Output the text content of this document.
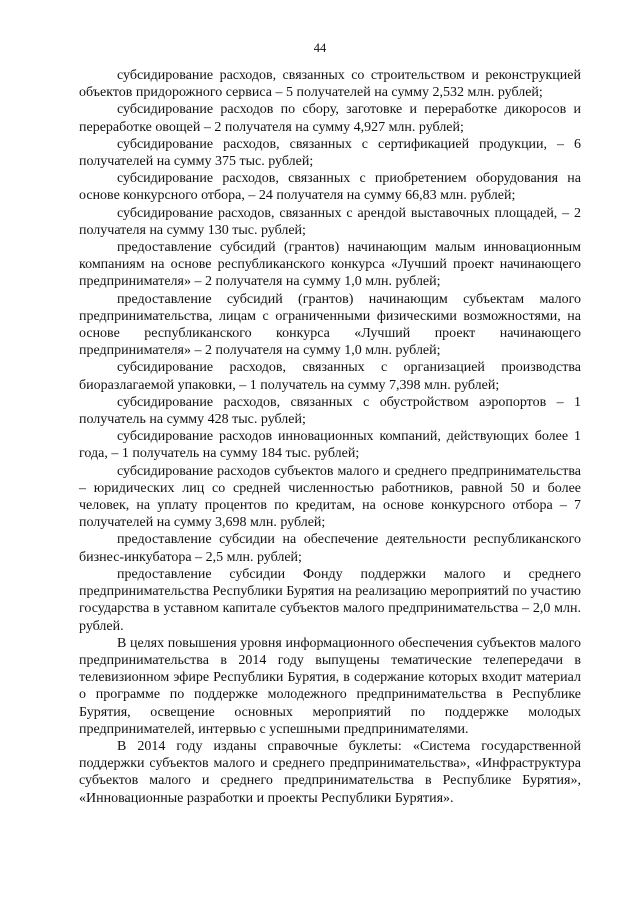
44

субсидирование расходов, связанных со строительством и реконструкцией объектов придорожного сервиса – 5 получателей на сумму 2,532 млн. рублей;

субсидирование расходов по сбору, заготовке и переработке дикоросов и переработке овощей – 2 получателя на сумму 4,927 млн. рублей;

субсидирование расходов, связанных с сертификацией продукции, – 6 получателей на сумму 375 тыс. рублей;

субсидирование расходов, связанных с приобретением оборудования на основе конкурсного отбора, – 24 получателя на сумму 66,83 млн. рублей;

субсидирование расходов, связанных с арендой выставочных площадей, – 2 получателя на сумму 130 тыс. рублей;

предоставление субсидий (грантов) начинающим малым инновационным компаниям на основе республиканского конкурса «Лучший проект начинающего предпринимателя» – 2 получателя на сумму 1,0 млн. рублей;

предоставление субсидий (грантов) начинающим субъектам малого предпринимательства, лицам с ограниченными физическими возможностями, на основе республиканского конкурса «Лучший проект начинающего предпринимателя» – 2 получателя на сумму 1,0 млн. рублей;

субсидирование расходов, связанных с организацией производства биоразлагаемой упаковки, – 1 получатель на сумму 7,398 млн. рублей;

субсидирование расходов, связанных с обустройством аэропортов – 1 получатель на сумму 428 тыс. рублей;

субсидирование расходов инновационных компаний, действующих более 1 года, – 1 получатель на сумму 184 тыс. рублей;

субсидирование расходов субъектов малого и среднего предпринимательства – юридических лиц со средней численностью работников, равной 50 и более человек, на уплату процентов по кредитам, на основе конкурсного отбора – 7 получателей на сумму 3,698 млн. рублей;

предоставление субсидии на обеспечение деятельности республиканского бизнес-инкубатора – 2,5 млн. рублей;

предоставление субсидии Фонду поддержки малого и среднего предпринимательства Республики Бурятия на реализацию мероприятий по участию государства в уставном капитале субъектов малого предпринимательства – 2,0 млн. рублей.

В целях повышения уровня информационного обеспечения субъектов малого предпринимательства в 2014 году выпущены тематические телепередачи в телевизионном эфире Республики Бурятия, в содержание которых входит материал о программе по поддержке молодежного предпринимательства в Республике Бурятия, освещение основных мероприятий по поддержке молодых предпринимателей, интервью с успешными предпринимателями.

В 2014 году изданы справочные буклеты: «Система государственной поддержки субъектов малого и среднего предпринимательства», «Инфраструктура субъектов малого и среднего предпринимательства в Республике Бурятия», «Инновационные разработки и проекты Республики Бурятия».
